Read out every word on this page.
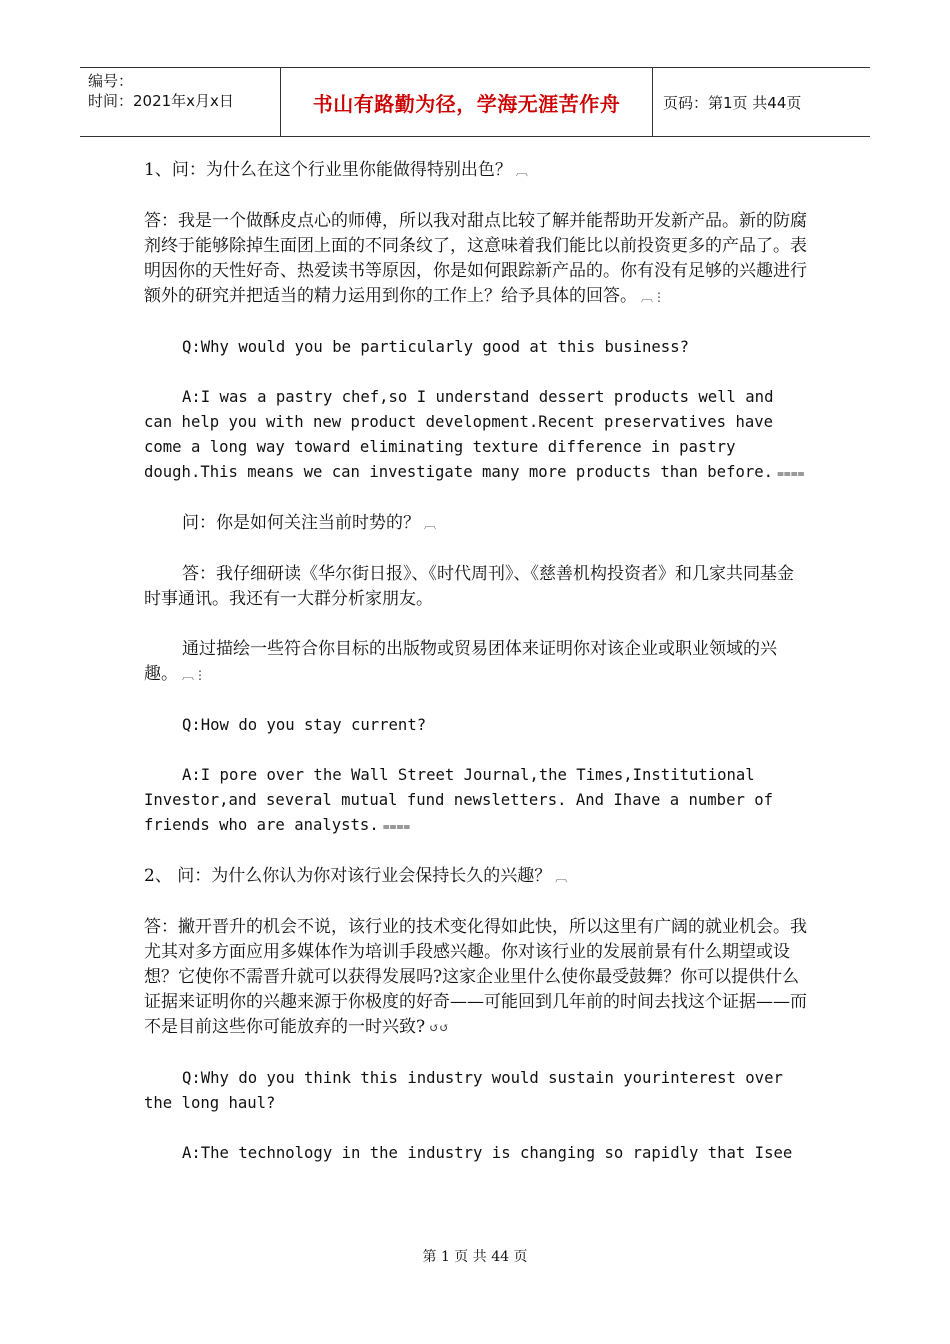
编号：
时间：2021年x月x日	书山有路勤为径，学海无涯苦作舟	页码：第1页 共44页

1、问：为什么在这个行业里你能做得特别出色？ ︹

答：我是一个做酥皮点心的师傅，所以我对甜点比较了解并能帮助开发新产品。新的防腐剂终于能够除掉生面团上面的不同条纹了，这意味着我们能比以前投资更多的产品了。表明因你的天性好奇、热爱读书等原因，你是如何跟踪新产品的。你有没有足够的兴趣进行额外的研究并把适当的精力运用到你的工作上？给予具体的回答。 ︹⋮

Q:Why would you be particularly good at this business?

A:I was a pastry chef,so I understand dessert products well and can help you with new product development.Recent preservatives have come a long way toward eliminating texture difference in pastry dough.This means we can investigate many more products than before. ⩵⩵

问：你是如何关注当前时势的？ ︹

答：我仔细研读《华尔街日报》、《时代周刊》、《慈善机构投资者》和几家共同基金时事通讯。我还有一大群分析家朋友。

通过描绘一些符合你目标的出版物或贸易团体来证明你对该企业或职业领域的兴趣。 ︹⋮

Q:How do you stay current?

A:I pore over the Wall Street Journal,the Times,Institutional Investor,and several mutual fund newsletters. And Ihave a number of friends who are analysts. ⩵⩵

2、 问：为什么你认为你对该行业会保持长久的兴趣？ ︹

答：撇开晋升的机会不说，该行业的技术变化得如此快，所以这里有广阔的就业机会。我尤其对多方面应用多媒体作为培训手段感兴趣。你对该行业的发展前景有什么期望或设想？它使你不需晋升就可以获得发展吗?这家企业里什么使你最受鼓舞？你可以提供什么证据来证明你的兴趣来源于你极度的好奇——可能回到几年前的时间去找这个证据——而不是目前这些你可能放弃的一时兴致? ↺↺

Q:Why do you think this industry would sustain yourinterest over the long haul?

A:The technology in the industry is changing so rapidly that Isee

第 1 页 共 44 页
